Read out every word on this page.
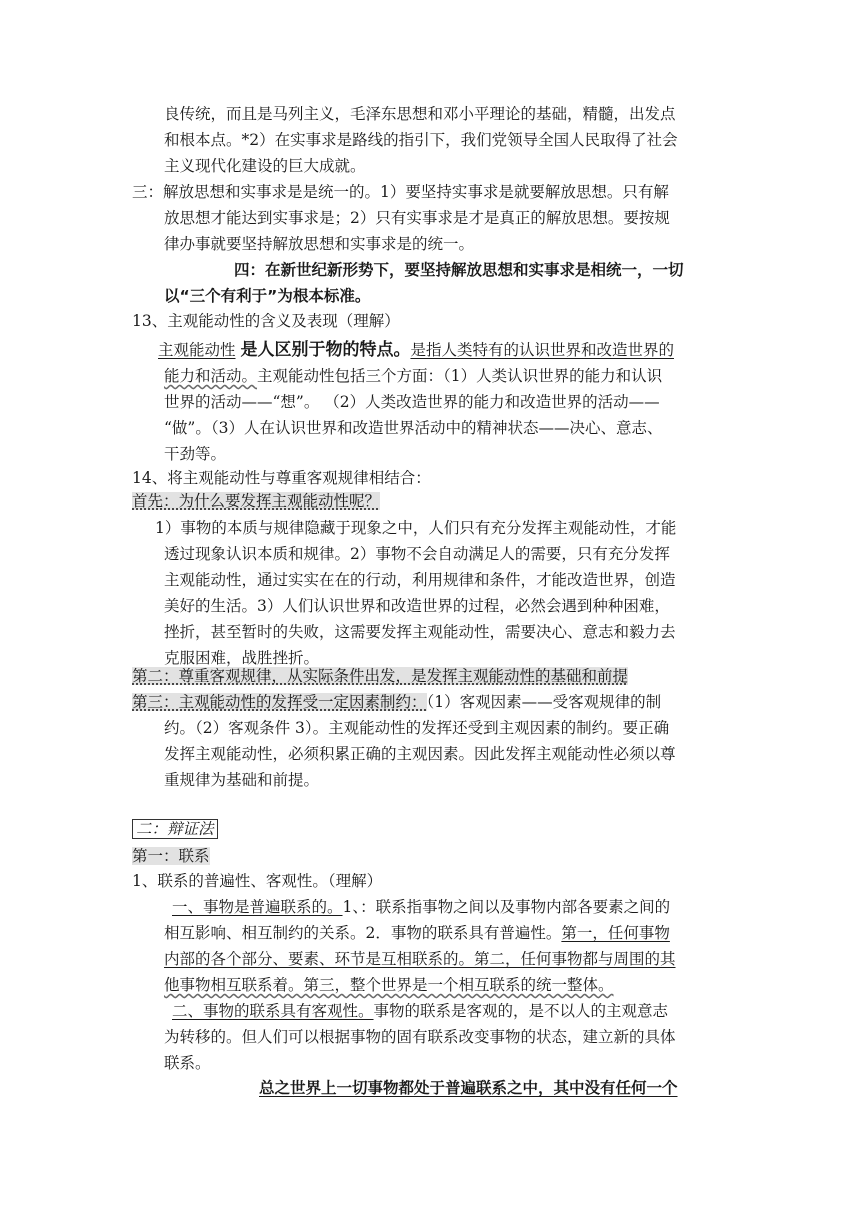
良传统，而且是马列主义，毛泽东思想和邓小平理论的基础，精髓，出发点
和根本点。*2）在实事求是路线的指引下，我们党领导全国人民取得了社会
主义现代化建设的巨大成就。
三：解放思想和实事求是是统一的。1）要坚持实事求是就要解放思想。只有解
放思想才能达到实事求是；2）只有实事求是才是真正的解放思想。要按规
律办事就要坚持解放思想和实事求是的统一。
四：在新世纪新形势下，要坚持解放思想和实事求是相统一，一切
以“三个有利于”为根本标准。
13、主观能动性的含义及表现（理解）
主观能动性 是人区别于物的特点。是指人类特有的认识世界和改造世界的
能力和活动。主观能动性包括三个方面：（1）人类认识世界的能力和认识
世界的活动——“想”。 （2）人类改造世界的能力和改造世界的活动——
“做”。（3）人在认识世界和改造世界活动中的精神状态——决心、意志、
干劲等。
14、将主观能动性与尊重客观规律相结合：
首先：为什么要发挥主观能动性呢？
1）事物的本质与规律隐藏于现象之中，人们只有充分发挥主观能动性，才能
透过现象认识本质和规律。2）事物不会自动满足人的需要，只有充分发挥
主观能动性，通过实实在在的行动，利用规律和条件，才能改造世界，创造
美好的生活。3）人们认识世界和改造世界的过程，必然会遇到种种困难，
挫折，甚至暂时的失败，这需要发挥主观能动性，需要决心、意志和毅力去
克服困难，战胜挫折。
第二：尊重客观规律，从实际条件出发，是发挥主观能动性的基础和前提
第三：主观能动性的发挥受一定因素制约：（1）客观因素——受客观规律的制
约。（2）客观条件 3）。主观能动性的发挥还受到主观因素的制约。要正确
发挥主观能动性，必须积累正确的主观因素。因此发挥主观能动性必须以尊
重规律为基础和前提。
二：辩证法
第一：联系
1、联系的普遍性、客观性。（理解）
一、事物是普遍联系的。1、：联系指事物之间以及事物内部各要素之间的
相互影响、相互制约的关系。2．事物的联系具有普遍性。第一，任何事物
内部的各个部分、要素、环节是互相联系的。第二，任何事物都与周围的其
他事物相互联系着。第三，整个世界是一个相互联系的统一整体。
二、事物的联系具有客观性。事物的联系是客观的，是不以人的主观意志
为转移的。但人们可以根据事物的固有联系改变事物的状态，建立新的具体
联系。
总之世界上一切事物都处于普遍联系之中，其中没有任何一个
